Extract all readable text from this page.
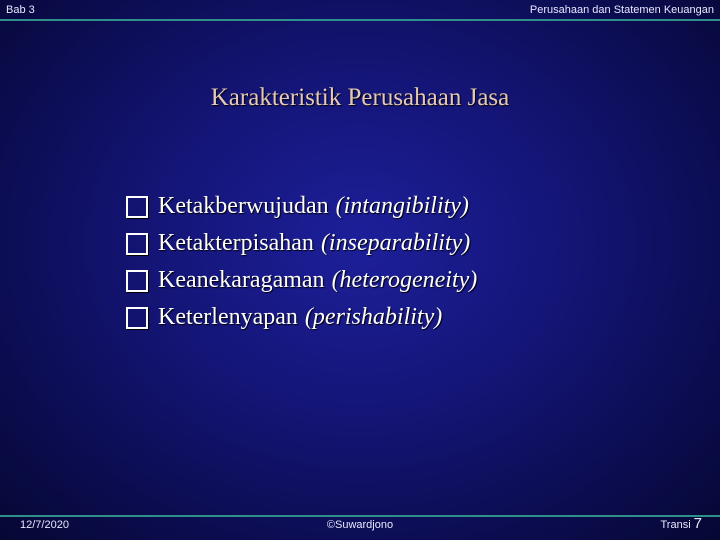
Bab 3	Perusahaan dan Statemen Keuangan
Karakteristik Perusahaan Jasa
Ketakberwujudan (intangibility)
Ketakterpisahan (inseparability)
Keanekaragaman (heterogeneity)
Keterlenyapan (perishability)
12/7/2020	©Suwardjono	Transi 7
